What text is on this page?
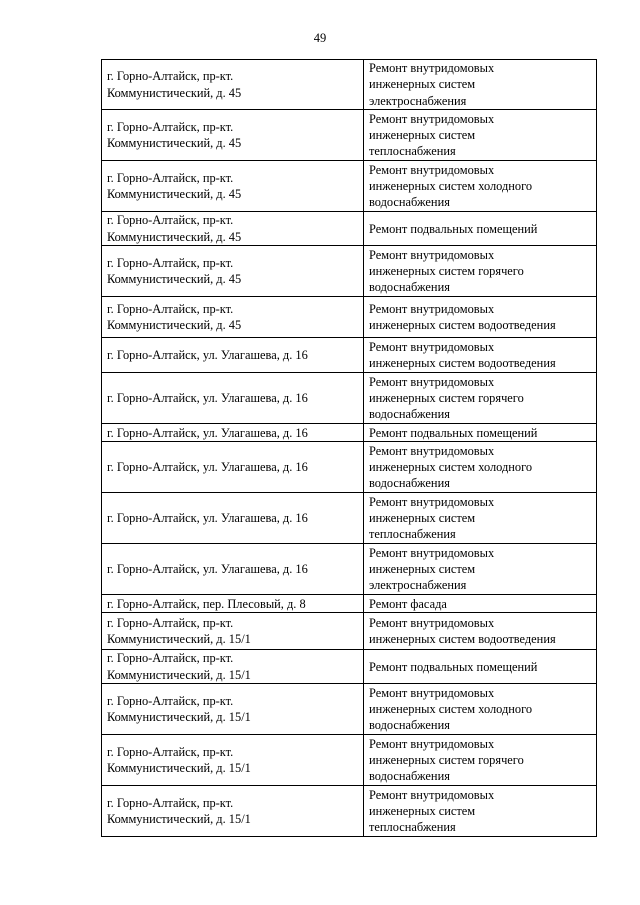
49
г. Горно-Алтайск, пр-кт.
Коммунистический, д. 45	Ремонт внутридомовых
инженерных систем
электроснабжения
г. Горно-Алтайск, пр-кт.
Коммунистический, д. 45	Ремонт внутридомовых
инженерных систем
теплоснабжения
г. Горно-Алтайск, пр-кт.
Коммунистический, д. 45	Ремонт внутридомовых
инженерных систем холодного
водоснабжения
г. Горно-Алтайск, пр-кт.
Коммунистический, д. 45	Ремонт подвальных помещений
г. Горно-Алтайск, пр-кт.
Коммунистический, д. 45	Ремонт внутридомовых
инженерных систем горячего
водоснабжения
г. Горно-Алтайск, пр-кт.
Коммунистический, д. 45	Ремонт внутридомовых
инженерных систем водоотведения
г. Горно-Алтайск, ул. Улагашева, д. 16	Ремонт внутридомовых
инженерных систем водоотведения
г. Горно-Алтайск, ул. Улагашева, д. 16	Ремонт внутридомовых
инженерных систем горячего
водоснабжения
г. Горно-Алтайск, ул. Улагашева, д. 16	Ремонт подвальных помещений
г. Горно-Алтайск, ул. Улагашева, д. 16	Ремонт внутридомовых
инженерных систем холодного
водоснабжения
г. Горно-Алтайск, ул. Улагашева, д. 16	Ремонт внутридомовых
инженерных систем
теплоснабжения
г. Горно-Алтайск, ул. Улагашева, д. 16	Ремонт внутридомовых
инженерных систем
электроснабжения
г. Горно-Алтайск, пер. Плесовый, д. 8	Ремонт фасада
г. Горно-Алтайск, пр-кт.
Коммунистический, д. 15/1	Ремонт внутридомовых
инженерных систем водоотведения
г. Горно-Алтайск, пр-кт.
Коммунистический, д. 15/1	Ремонт подвальных помещений
г. Горно-Алтайск, пр-кт.
Коммунистический, д. 15/1	Ремонт внутридомовых
инженерных систем холодного
водоснабжения
г. Горно-Алтайск, пр-кт.
Коммунистический, д. 15/1	Ремонт внутридомовых
инженерных систем горячего
водоснабжения
г. Горно-Алтайск, пр-кт.
Коммунистический, д. 15/1	Ремонт внутридомовых
инженерных систем
теплоснабжения
